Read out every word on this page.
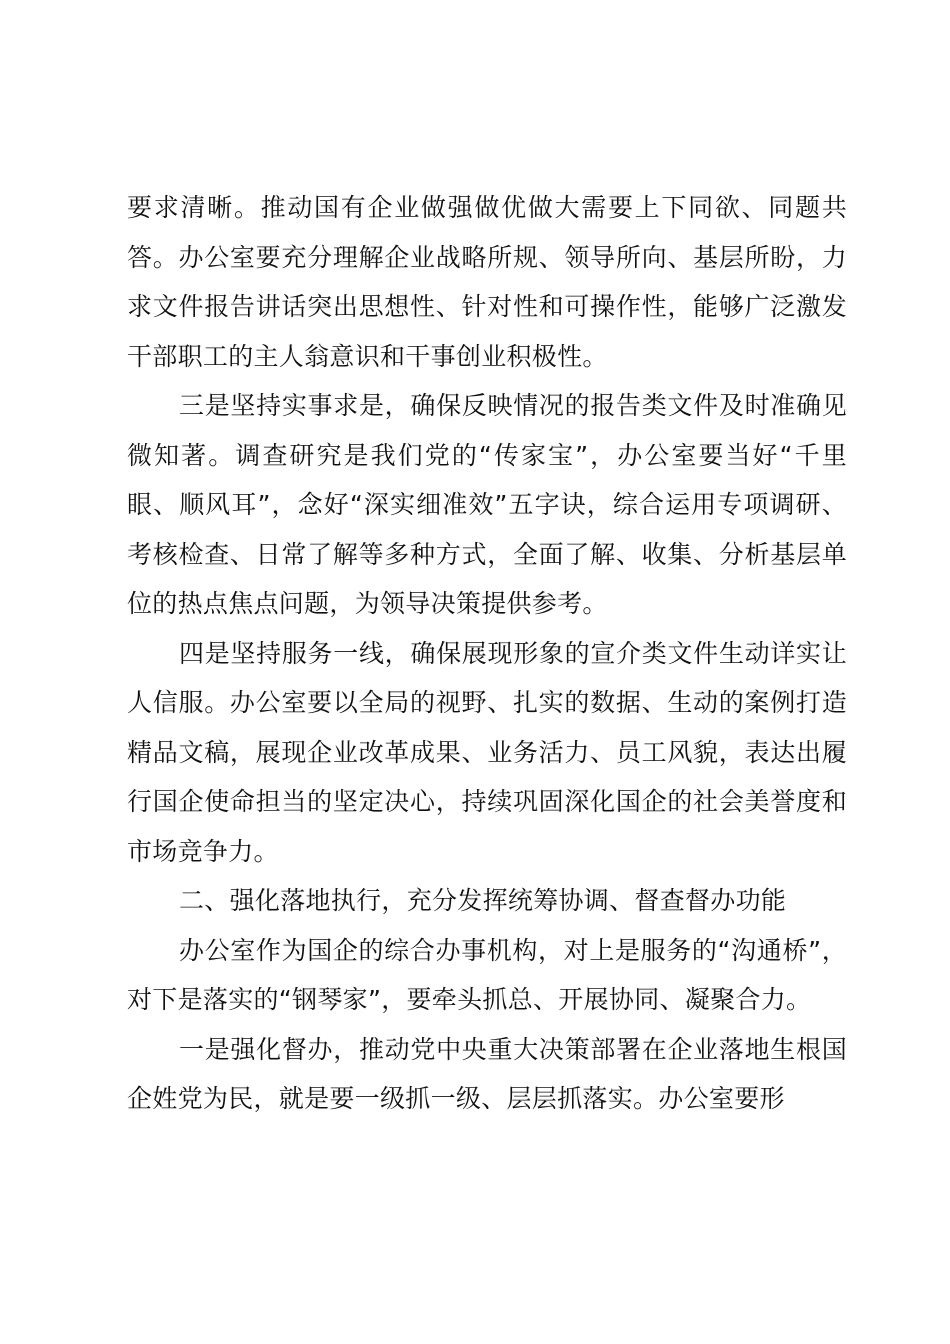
要求清晰。推动国有企业做强做优做大需要上下同欲、同题共答。办公室要充分理解企业战略所规、领导所向、基层所盼，力求文件报告讲话突出思想性、针对性和可操作性，能够广泛激发干部职工的主人翁意识和干事创业积极性。

三是坚持实事求是，确保反映情况的报告类文件及时准确见微知著。调查研究是我们党的“传家宝”，办公室要当好“千里眼、顺风耳”，念好“深实细准效”五字诀，综合运用专项调研、考核检查、日常了解等多种方式，全面了解、收集、分析基层单位的热点焦点问题，为领导决策提供参考。

四是坚持服务一线，确保展现形象的宣介类文件生动详实让人信服。办公室要以全局的视野、扎实的数据、生动的案例打造精品文稿，展现企业改革成果、业务活力、员工风貌，表达出履行国企使命担当的坚定决心，持续巩固深化国企的社会美誉度和市场竞争力。

二、强化落地执行，充分发挥统筹协调、督查督办功能

办公室作为国企的综合办事机构，对上是服务的“沟通桥”，对下是落实的“钢琴家”，要牵头抓总、开展协同、凝聚合力。

一是强化督办，推动党中央重大决策部署在企业落地生根国企姓党为民，就是要一级抓一级、层层抓落实。办公室要形
